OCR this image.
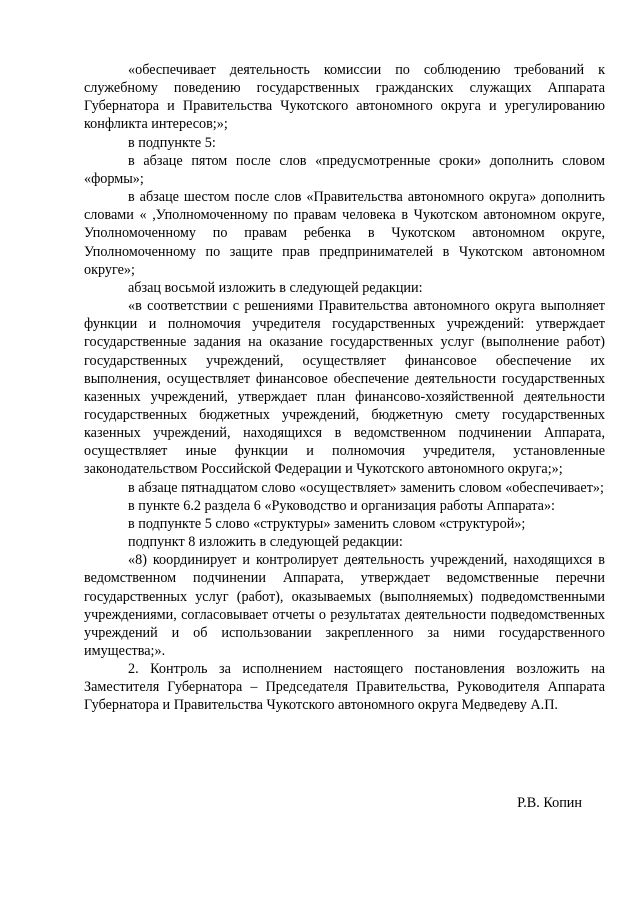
«обеспечивает деятельность комиссии по соблюдению требований к служебному поведению государственных гражданских служащих Аппарата Губернатора и Правительства Чукотского автономного округа и урегулированию конфликта интересов;»;

в подпункте 5:

в абзаце пятом после слов «предусмотренные сроки» дополнить словом «формы»;

в абзаце шестом после слов «Правительства автономного округа» дополнить словами « ,Уполномоченному по правам человека в Чукотском автономном округе, Уполномоченному по правам ребенка в Чукотском автономном округе, Уполномоченному по защите прав предпринимателей в Чукотском автономном округе»;

абзац восьмой изложить в следующей редакции:

«в соответствии с решениями Правительства автономного округа выполняет функции и полномочия учредителя государственных учреждений: утверждает государственные задания на оказание государственных услуг (выполнение работ) государственных учреждений, осуществляет финансовое обеспечение их выполнения, осуществляет финансовое обеспечение деятельности государственных казенных учреждений, утверждает план финансово-хозяйственной деятельности государственных бюджетных учреждений, бюджетную смету государственных казенных учреждений, находящихся в ведомственном подчинении Аппарата, осуществляет иные функции и полномочия учредителя, установленные законодательством Российской Федерации и Чукотского автономного округа;»;

в абзаце пятнадцатом слово «осуществляет» заменить словом «обеспечивает»;

в пункте 6.2 раздела 6 «Руководство и организация работы Аппарата»:

в подпункте 5 слово «структуры» заменить словом «структурой»;

подпункт 8 изложить в следующей редакции:

«8) координирует и контролирует деятельность учреждений, находящихся в ведомственном подчинении Аппарата, утверждает ведомственные перечни государственных услуг (работ), оказываемых (выполняемых) подведомственными учреждениями, согласовывает отчеты о результатах деятельности подведомственных учреждений и об использовании закрепленного за ними государственного имущества;».

2. Контроль за исполнением настоящего постановления возложить на Заместителя Губернатора – Председателя Правительства, Руководителя Аппарата Губернатора и Правительства Чукотского автономного округа Медведеву А.П.

Р.В. Копин
